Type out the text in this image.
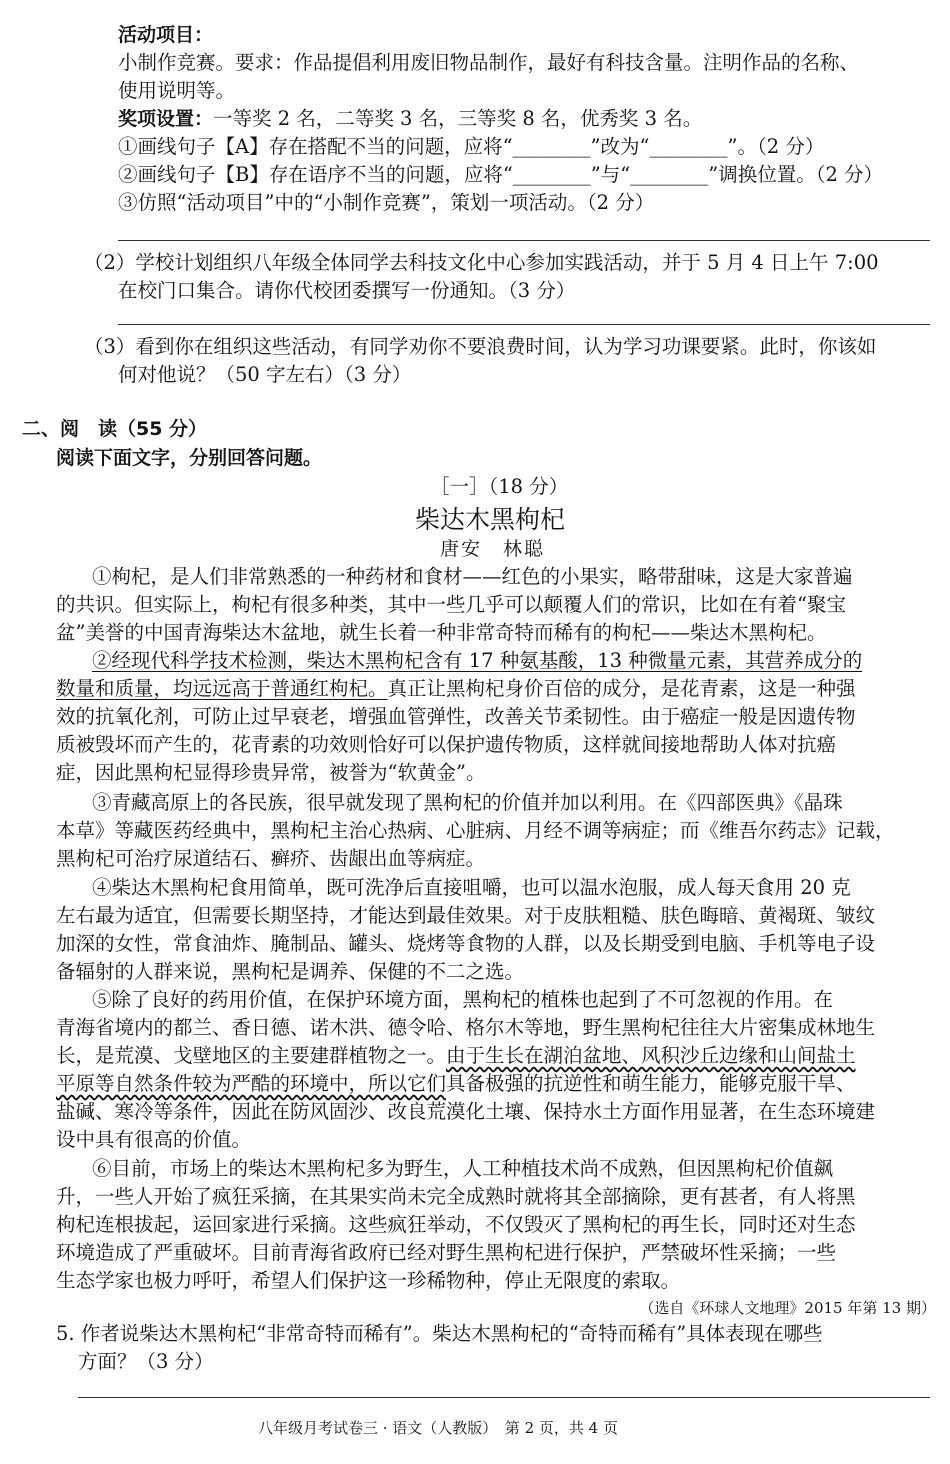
活动项目：
小制作竞赛。要求：作品提倡利用废旧物品制作，最好有科技含量。注明作品的名称、
使用说明等。
奖项设置：一等奖 2 名，二等奖 3 名，三等奖 8 名，优秀奖 3 名。
①画线句子【A】存在搭配不当的问题，应将“________”改为“________”。（2 分）
②画线句子【B】存在语序不当的问题，应将“________”与“________”调换位置。（2 分）
③仿照“活动项目”中的“小制作竞赛”，策划一项活动。（2 分）
（2）学校计划组织八年级全体同学去科技文化中心参加实践活动，并于 5 月 4 日上午 7:00
在校门口集合。请你代校团委撰写一份通知。（3 分）
（3）看到你在组织这些活动，有同学劝你不要浪费时间，认为学习功课要紧。此时，你该如
何对他说？（50 字左右）（3 分）
二、阅　读（55 分）
阅读下面文字，分别回答问题。
［一］（18 分）
柴达木黑枸杞
唐安　林聪
①枸杞，是人们非常熟悉的一种药材和食材——红色的小果实，略带甜味，这是大家普遍
的共识。但实际上，枸杞有很多种类，其中一些几乎可以颠覆人们的常识，比如在有着“聚宝
盆”美誉的中国青海柴达木盆地，就生长着一种非常奇特而稀有的枸杞——柴达木黑枸杞。
②经现代科学技术检测，柴达木黑枸杞含有 17 种氨基酸，13 种微量元素，其营养成分的
数量和质量，均远远高于普通红枸杞。真正让黑枸杞身价百倍的成分，是花青素，这是一种强
效的抗氧化剂，可防止过早衰老，增强血管弹性，改善关节柔韧性。由于癌症一般是因遗传物
质被毁坏而产生的，花青素的功效则恰好可以保护遗传物质，这样就间接地帮助人体对抗癌
症，因此黑枸杞显得珍贵异常，被誉为“软黄金”。
③青藏高原上的各民族，很早就发现了黑枸杞的价值并加以利用。在《四部医典》《晶珠
本草》等藏医药经典中，黑枸杞主治心热病、心脏病、月经不调等病症；而《维吾尔药志》记载，
黑枸杞可治疗尿道结石、癣疥、齿龈出血等病症。
④柴达木黑枸杞食用简单，既可洗净后直接咀嚼，也可以温水泡服，成人每天食用 20 克
左右最为适宜，但需要长期坚持，才能达到最佳效果。对于皮肤粗糙、肤色晦暗、黄褐斑、皱纹
加深的女性，常食油炸、腌制品、罐头、烧烤等食物的人群，以及长期受到电脑、手机等电子设
备辐射的人群来说，黑枸杞是调养、保健的不二之选。
⑤除了良好的药用价值，在保护环境方面，黑枸杞的植株也起到了不可忽视的作用。在
青海省境内的都兰、香日德、诺木洪、德令哈、格尔木等地，野生黑枸杞往往大片密集成林地生
长，是荒漠、戈壁地区的主要建群植物之一。由于生长在湖泊盆地、风积沙丘边缘和山间盐土
平原等自然条件较为严酷的环境中，所以它们具备极强的抗逆性和萌生能力，能够克服干旱、
盐碱、寒冷等条件，因此在防风固沙、改良荒漠化土壤、保持水土方面作用显著，在生态环境建
设中具有很高的价值。
⑥目前，市场上的柴达木黑枸杞多为野生，人工种植技术尚不成熟，但因黑枸杞价值飙
升，一些人开始了疯狂采摘，在其果实尚未完全成熟时就将其全部摘除，更有甚者，有人将黑
枸杞连根拔起，运回家进行采摘。这些疯狂举动，不仅毁灭了黑枸杞的再生长，同时还对生态
环境造成了严重破坏。目前青海省政府已经对野生黑枸杞进行保护，严禁破坏性采摘；一些
生态学家也极力呼吁，希望人们保护这一珍稀物种，停止无限度的索取。
（选自《环球人文地理》2015 年第 13 期）
5. 作者说柴达木黑枸杞“非常奇特而稀有”。柴达木黑枸杞的“奇特而稀有”具体表现在哪些
方面？（3 分）
八年级月考试卷三 · 语文（人教版）　第 2 页，共 4 页
